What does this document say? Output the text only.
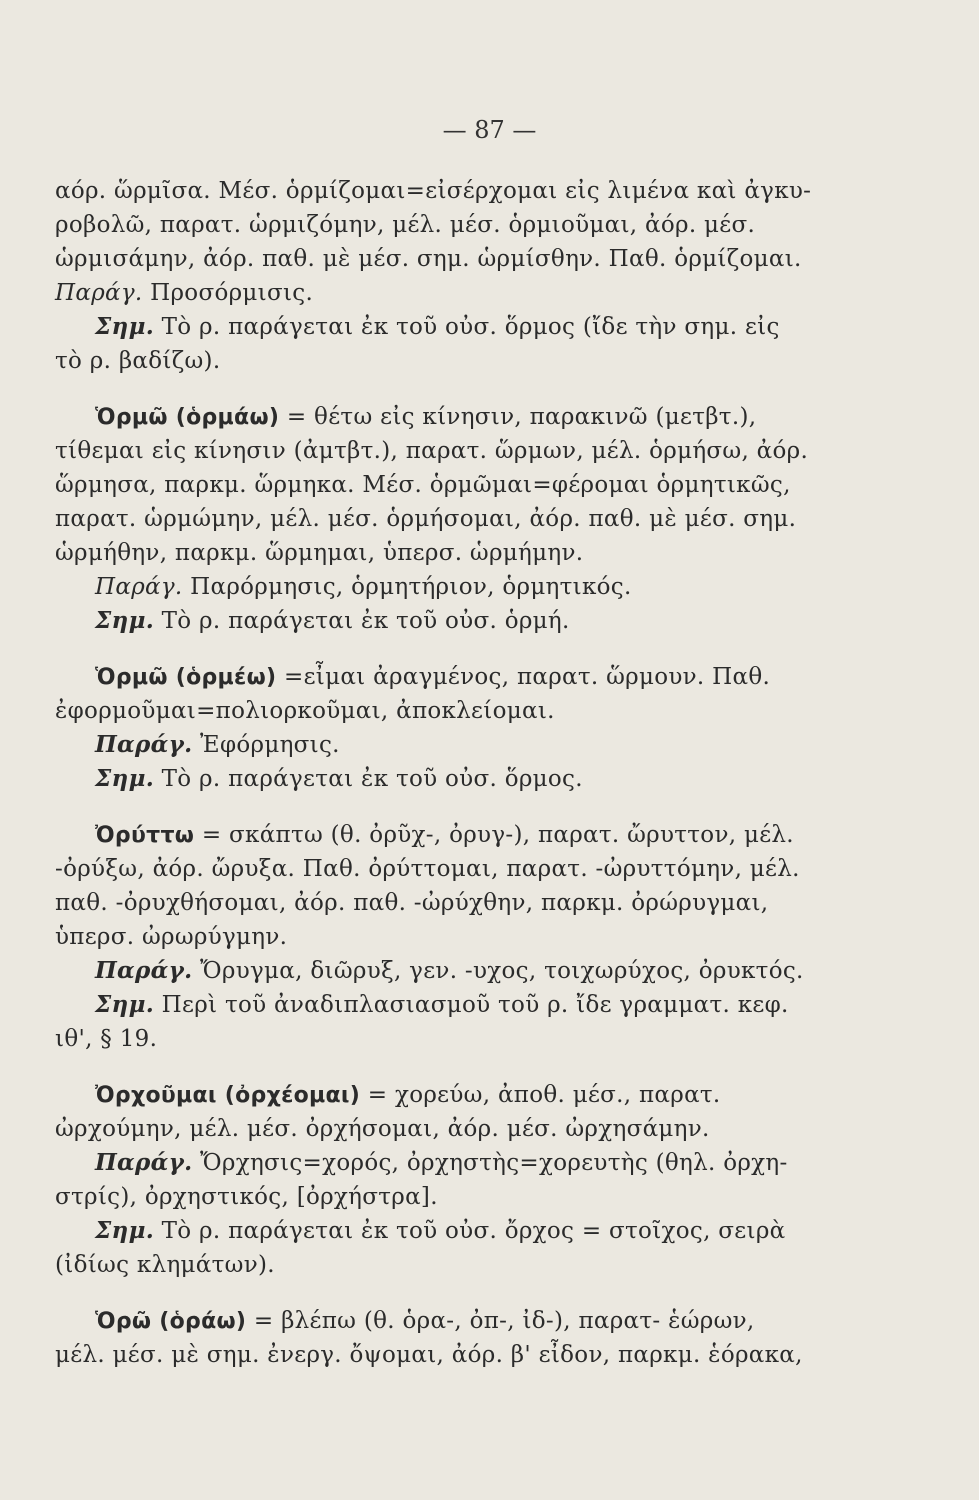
— 87 —
αόρ. ὥρμῖσα. Μέσ. ὁρμίζομαι=εἰσέρχομαι εἰς λιμένα καὶ ἀγκυ-
ροβολῶ, παρατ. ὡρμιζόμην, μέλ. μέσ. ὁρμιοῦμαι, ἀόρ. μέσ.
ὡρμισάμην, ἀόρ. παθ. μὲ μέσ. σημ. ὡρμίσθην. Παθ. ὁρμίζομαι.
Παράγ. Προσόρμισις.
Σημ. Τὸ ρ. παράγεται ἐκ τοῦ οὐσ. ὅρμος (ἴδε τὴν σημ. εἰς
τὸ ρ. βαδίζω).
Ὁρμῶ (ὁρμάω) = θέτω εἰς κίνησιν, παρακινῶ (μετβτ.),
τίθεμαι εἰς κίνησιν (ἀμτβτ.), παρατ. ὥρμων, μέλ. ὁρμήσω, ἀόρ.
ὥρμησα, παρκμ. ὥρμηκα. Μέσ. ὁρμῶμαι=φέρομαι ὁρμητικῶς,
παρατ. ὡρμώμην, μέλ. μέσ. ὁρμήσομαι, ἀόρ. παθ. μὲ μέσ. σημ.
ὡρμήθην, παρκμ. ὥρμημαι, ὑπερσ. ὡρμήμην.
Παράγ. Παρόρμησις, ὁρμητήριον, ὁρμητικός.
Σημ. Τὸ ρ. παράγεται ἐκ τοῦ οὐσ. ὁρμή.
Ὁρμῶ (ὁρμέω) =εἶμαι ἀραγμένος, παρατ. ὥρμουν. Παθ.
ἐφορμοῦμαι=πολιορκοῦμαι, ἀποκλείομαι.
Παράγ. Ἐφόρμησις.
Σημ. Τὸ ρ. παράγεται ἐκ τοῦ οὐσ. ὅρμος.
Ὀρύττω = σκάπτω (θ. ὀρῦχ-, ὀρυγ-), παρατ. ὤρυττον, μέλ.
-ὀρύξω, ἀόρ. ὤρυξα. Παθ. ὀρύττομαι, παρατ. -ὠρυττόμην, μέλ.
παθ. -ὀρυχθήσομαι, ἀόρ. παθ. -ὠρύχθην, παρκμ. ὀρώρυγμαι,
ὑπερσ. ὠρωρύγμην.
Παράγ. Ὄρυγμα, διῶρυξ, γεν. -υχος, τοιχωρύχος, ὀρυκτός.
Σημ. Περὶ τοῦ ἀναδιπλασιασμοῦ τοῦ ρ. ἴδε γραμματ. κεφ.
ιθ', § 19.
Ὀρχοῦμαι (ὀρχέομαι) = χορεύω, ἀποθ. μέσ., παρατ.
ὠρχούμην, μέλ. μέσ. ὀρχήσομαι, ἀόρ. μέσ. ὠρχησάμην.
Παράγ. Ὄρχησις=χορός, ὀρχηστὴς=χορευτὴς (θηλ. ὀρχη-
στρίς), ὀρχηστικός, [ὀρχήστρα].
Σημ. Τὸ ρ. παράγεται ἐκ τοῦ οὐσ. ὄρχος = στοῖχος, σειρὰ
(ἰδίως κλημάτων).
Ὁρῶ (ὁράω) = βλέπω (θ. ὁρα-, ὀπ-, ἰδ-), παρατ- ἑώρων,
μέλ. μέσ. μὲ σημ. ἐνεργ. ὄψομαι, ἀόρ. β' εἶδον, παρκμ. ἑόρακα,
